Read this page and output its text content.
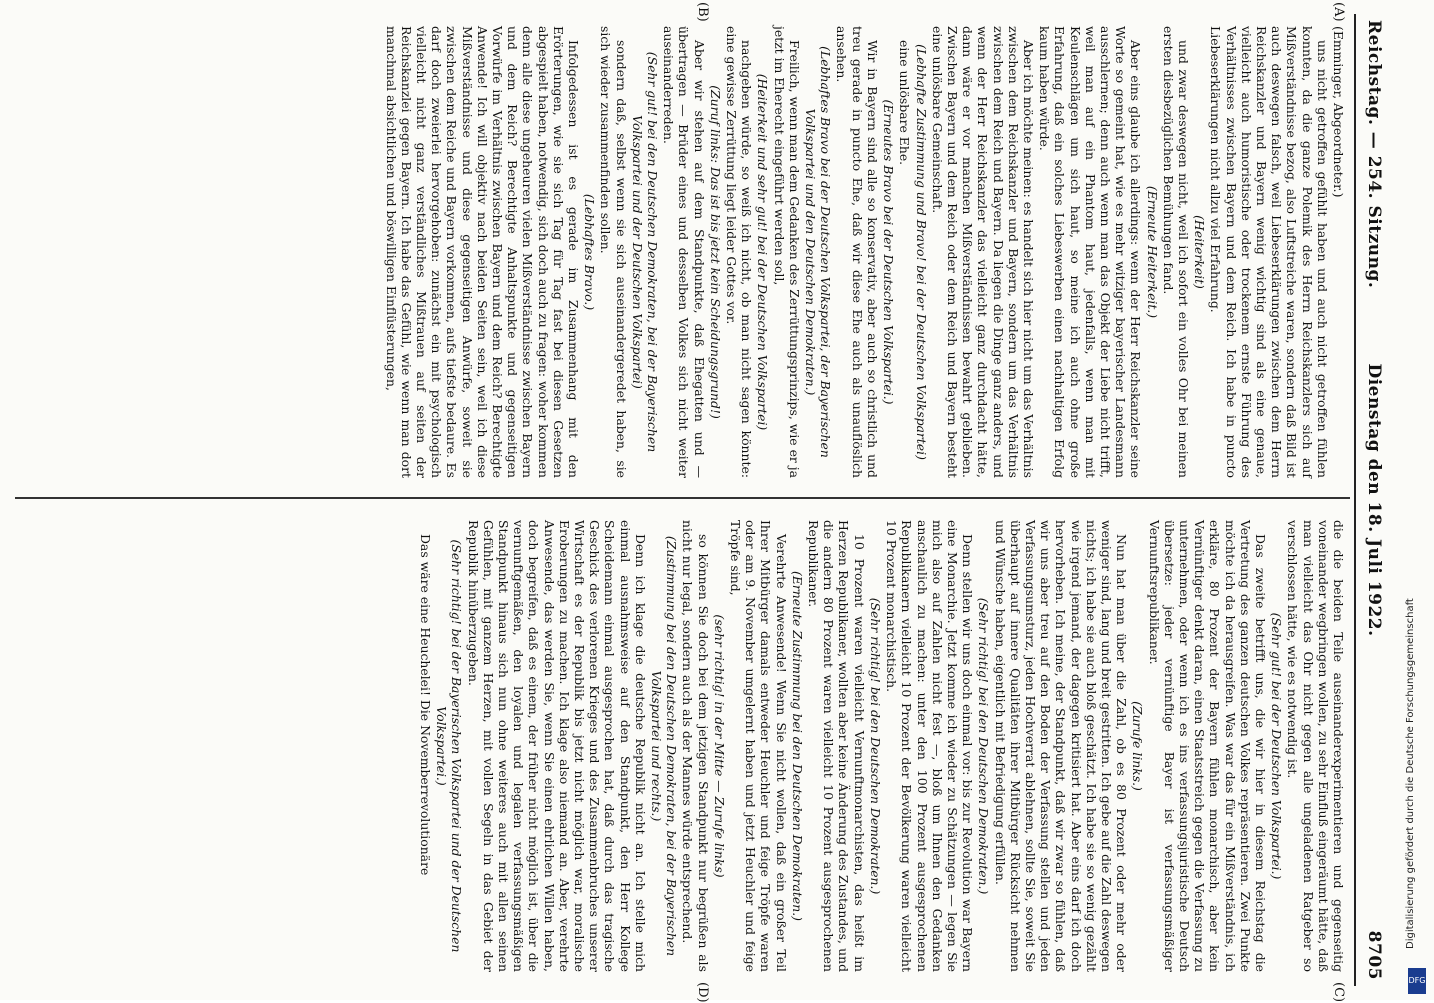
Reichstag. — 254. Sitzung.
Dienstag den 18. Juli 1922.
8705
(A)
(B)
(C)
(D)

(Emminger, Abgeordneter.)

uns nicht getroffen gefühlt haben und auch nicht getroffen fühlen konnten, da die ganze Polemik des Herrn Reichskanzlers sich auf Mißverständnisse bezog, also Luftstreiche waren, sondern daß Bild ist auch deswegen falsch, weil Liebeserklärungen zwischen dem Herrn Reichskanzler und Bayern wenig wichtig sind als eine genaue, vielleicht auch humoristische oder trockenem ernste Führung des Verhältnisses zwischen Bayern und dem Reich. Ich habe in puncto Liebeserklärungen nicht allzu viel Erfahrung.

(Heiterkeit)

und zwar deswegen nicht, weil ich sofort ein volles Ohr bei meinen ersten diesbezüglichen Bemühungen fand.

(Erneute Heiterkeit.)

Aber eins glaube ich allerdings: wenn der Herr Reichskanzler seine Worte so gemeint hat, wie es mehr witziger bayerischer Landesmann ausschlernen; denn auch wenn man das Objekt der Liebe nicht trifft, weil man auf ein Phantom haut, jedenfalls, wenn man mit Keulenschlägen um sich haut, so meine ich auch ohne große Erfahrung, daß ein solches Liebeswerben einen nachhaltigen Erfolg kaum haben würde.

Aber ich möchte meinen: es handelt sich hier nicht um das Verhältnis zwischen dem Reichskanzler und Bayern, sondern um das Verhältnis zwischen dem Reich und Bayern. Da liegen die Dinge ganz anders, und wenn der Herr Reichskanzler das vielleicht ganz durchdacht hätte, dann wäre er vor manchen Mißverständnissen bewahrt geblieben. Zwischen Bayern und dem Reich oder dem Reich und Bayern besteht eine unlösbare Gemeinschaft.

(Lebhafte Zustimmung und Bravo! bei der Deutschen Volkspartei)

eine unlösbare Ehe.

(Erneutes Bravo bei der Deutschen Volkspartei.)

Wir in Bayern sind alle so konservativ, aber auch so christlich und treu gerade in puncto Ehe, daß wir diese Ehe auch als unauflöslich ansehen.

(Lebhaftes Bravo bei der Deutschen Volkspartei, der Bayerischen Volkspartei und den Deutschen Demokraten.)

Freilich, wenn man dem Gedanken des Zerrüttungsprinzips, wie er ja jetzt im Eherecht eingeführt werden soll,

(Heiterkeit und sehr gut! bei der Deutschen Volkspartei)

nachgeben würde, so weiß ich nicht, ob man nicht sagen könnte: eine gewisse Zerrüttung liegt leider Gottes vor.

(Zuruf links: Das ist bis jetzt kein Scheidungsgrund!)

Aber wir stehen auf dem Standpunkte, daß Ehegatten und — übertragen — Brüder eines und desselben Volkes sich nicht weiter auseinanderreden.

(Sehr gut! bei den Deutschen Demokraten, bei der Bayerischen Volkspartei und der Deutschen Volkspartei)

sondern daß, selbst wenn sie sich auseinandergeredet haben, sie sich wieder zusammenfinden sollen.

(Lebhaftes Bravo.)

Infolgedessen ist es gerade im Zusammenhang mit den Erörterungen, wie sie sich Tag für Tag fast bei diesen Gesetzen abgespielt haben, notwendig, sich doch auch zu fragen: woher kommen denn alle diese ungeheuren vielen Mißverständnisse zwischen Bayern und dem Reich? Berechtigte Anhaltspunkte und gegenseitigen Vorwürfe im Verhältnis zwischen Bayern und dem Reich? Berechtigte Anwende! Ich will objektiv nach beiden Seiten sein, weil ich diese Mißverständnisse und diese gegenseitigen Anwürfe, soweit sie zwischen dem Reiche und Bayern vorkommen, aufs tiefste bedaure. Es darf doch zweierlei hervorgehoben: zunächst ein mit psychologisch vielleicht nicht ganz verständliches Mißtrauen auf seiten der Reichskanzlei gegen Bayern. Ich habe das Gefühl, wie wenn man dort manchmal absichtlichen und böswilligen Einflüsterungen,

die die beiden Teile auseinanderexperimentieren und gegenseitig voneinander wegbringen wollen, zu sehr Einfluß eingeräumt hätte, daß man vielleicht das Ohr nicht gegen alle ungeladenen Ratgeber so verschlossen hätte, wie es notwendig ist.

(Sehr gut! bei der Deutschen Volkspartei.)

Das zweite betrifft uns, die wir hier in diesem Reichstag die Vertretung des ganzen deutschen Volkes repräsentieren. Zwei Punkte möchte ich da herausgreifen. Was war das für ein Mißverständnis, ich erkläre, 80 Prozent der Bayern fühlen monarchisch, aber kein Vernünftiger denkt daran, einen Staatsstreich gegen die Verfassung zu unternehmen, oder wenn ich es ins verfassungsjuristische Deutsch übersetze: jeder vernünftige Bayer ist verfassungsmäßiger Vernunftsrepublikaner.

(Zurufe links.)

Nun hat man über die Zahl, ob es 80 Prozent oder mehr oder weniger sind, lang und breit gestritten. Ich gebe auf die Zahl deswegen nichts; ich habe sie auch bloß geschätzt. Ich habe sie so wenig gezählt wie irgend jemand, der dagegen kritisiert hat. Aber eins darf ich doch hervorheben. Ich meine, der Standpunkt, daß wir zwar so fühlen, daß wir uns aber treu auf den Boden der Verfassung stellen und jeden Verfassungsumsturz, jeden Hochverrat ablehnen, sollte Sie, soweit Sie überhaupt auf innere Qualitäten ihrer Mitbürger Rücksicht nehmen und Wünsche haben, eigentlich mit Befriedigung erfüllen.

(Sehr richtig! bei den Deutschen Demokraten.)

Denn stellen wir uns doch einmal vor: bis zur Revolution war Bayern eine Monarchie. Jetzt komme ich wieder zu Schätzungen — legen Sie mich also auf Zahlen nicht fest —, bloß um Ihnen den Gedanken anschaulich zu machen: unter den 100 Prozent ausgesprochenen Republikanern vielleicht 10 Prozent der Bevölkerung waren vielleicht 10 Prozent monarchistisch.

(Sehr richtig! bei den Deutschen Demokraten.)

10 Prozent waren vielleicht Vernunftmonarchisten, das heißt im Herzen Republikaner, wollten aber keine Änderung des Zustandes, und die andern 80 Prozent waren vielleicht 10 Prozent ausgesprochenen Republikaner.

(Erneute Zustimmung bei den Deutschen Demokraten.)

Verehrte Anwesende! Wenn Sie nicht wollen, daß ein großer Teil Ihrer Mitbürger damals entweder Heuchler und feige Tröpfe waren oder am 9. November umgelernt haben und jetzt Heuchler und feige Tröpfe sind,

(sehr richtig! in der Mitte — Zurufe links)

so können Sie doch bei dem jetzigen Standpunkt nur begrüßen als nicht nur legal, sondern auch als der Mannes würde entsprechend.

(Zustimmung bei den Deutschen Demokraten, bei der Bayerischen Volkspartei und rechts.)

Denn ich klage die deutsche Republik nicht an. Ich stelle mich einmal ausnahmsweise auf den Standpunkt, den Herr Kollege Scheidemann einmal ausgesprochen hat, daß durch das tragische Geschick des verlorenen Krieges und des Zusammenbruches unserer Wirtschaft es der Republik bis jetzt nicht möglich war, moralische Eroberungen zu machen. Ich klage also niemand an. Aber, verehrte Anwesende, das werden Sie, wenn Sie einen ehrlichen Willen haben, doch begreifen, daß es einem, der früher nicht möglich ist, über die vernunftgemäßen, den loyalen und legalen verfassungsmäßigen Standpunkt hinaus sich nun ohne weiteres auch mit allen seinen Gefühlen, mit ganzem Herzen, mit vollen Segeln in das Gebiet der Republik hinüberzugeben.

(Sehr richtig! bei der Bayerischen Volkspartei und der Deutschen Volkspartei.)

Das wäre eine Heuchelei! Die Novemberrevolutionäre	Digitalisierung gefördert durch die Deutsche Forschungsgemeinschaft
DFG
